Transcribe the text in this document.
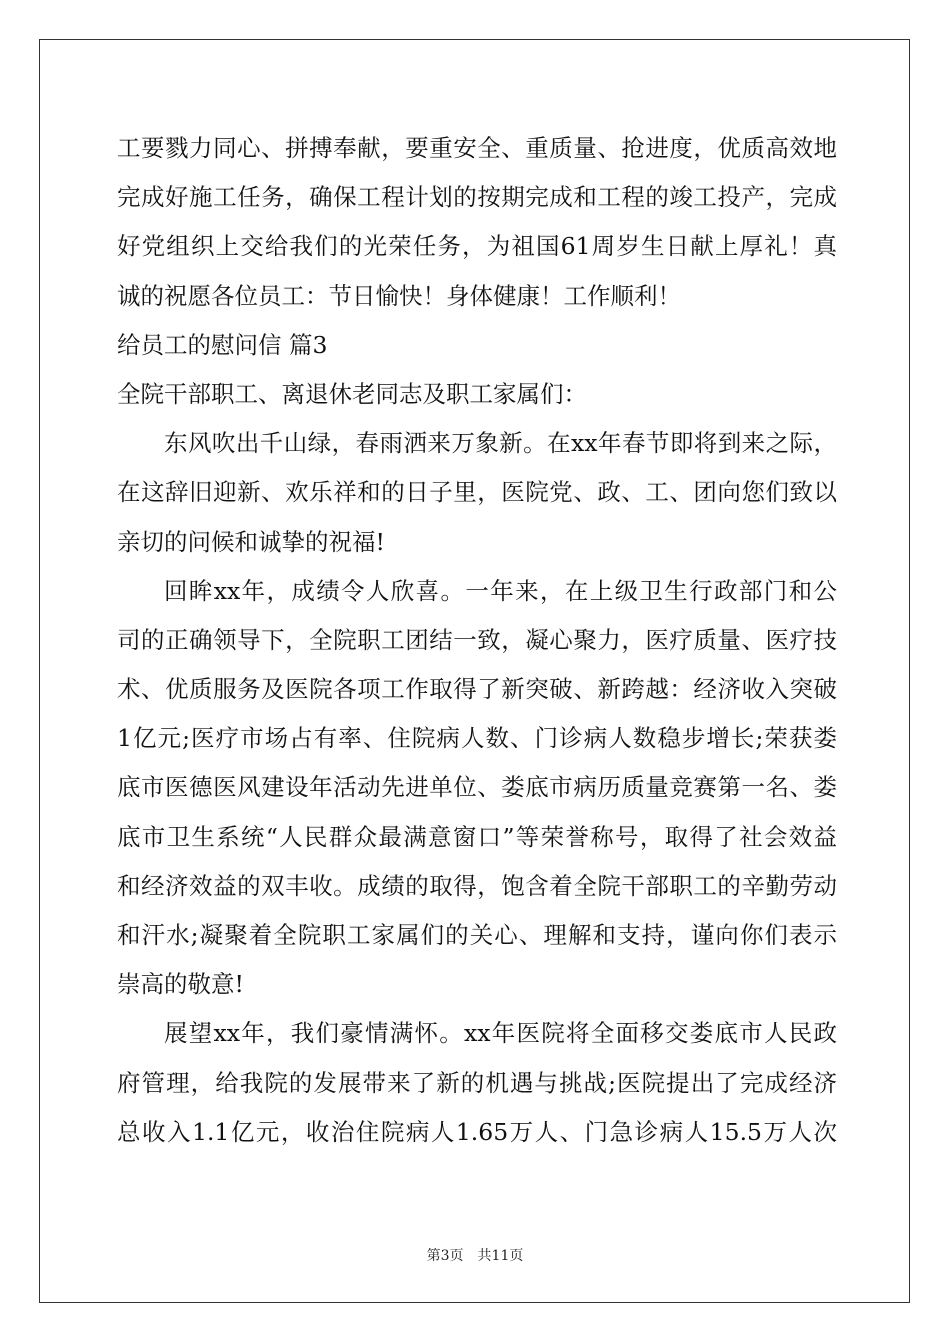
工要戮力同心、拼搏奉献，要重安全、重质量、抢进度，优质高效地
完成好施工任务，确保工程计划的按期完成和工程的竣工投产，完成
好党组织上交给我们的光荣任务，为祖国61周岁生日献上厚礼！真
诚的祝愿各位员工：节日愉快！身体健康！工作顺利！
给员工的慰问信 篇3
全院干部职工、离退休老同志及职工家属们：
东风吹出千山绿，春雨洒来万象新。在xx年春节即将到来之际，
在这辞旧迎新、欢乐祥和的日子里，医院党、政、工、团向您们致以
亲切的问候和诚挚的祝福!
回眸xx年，成绩令人欣喜。一年来，在上级卫生行政部门和公
司的正确领导下，全院职工团结一致，凝心聚力，医疗质量、医疗技
术、优质服务及医院各项工作取得了新突破、新跨越：经济收入突破
1亿元;医疗市场占有率、住院病人数、门诊病人数稳步增长;荣获娄
底市医德医风建设年活动先进单位、娄底市病历质量竞赛第一名、娄
底市卫生系统“人民群众最满意窗口”等荣誉称号，取得了社会效益
和经济效益的双丰收。成绩的取得，饱含着全院干部职工的辛勤劳动
和汗水;凝聚着全院职工家属们的关心、理解和支持，谨向你们表示
崇高的敬意!
展望xx年，我们豪情满怀。xx年医院将全面移交娄底市人民政
府管理，给我院的发展带来了新的机遇与挑战;医院提出了完成经济
总收入1.1亿元，收治住院病人1.65万人、门急诊病人15.5万人次
第3页 共11页
